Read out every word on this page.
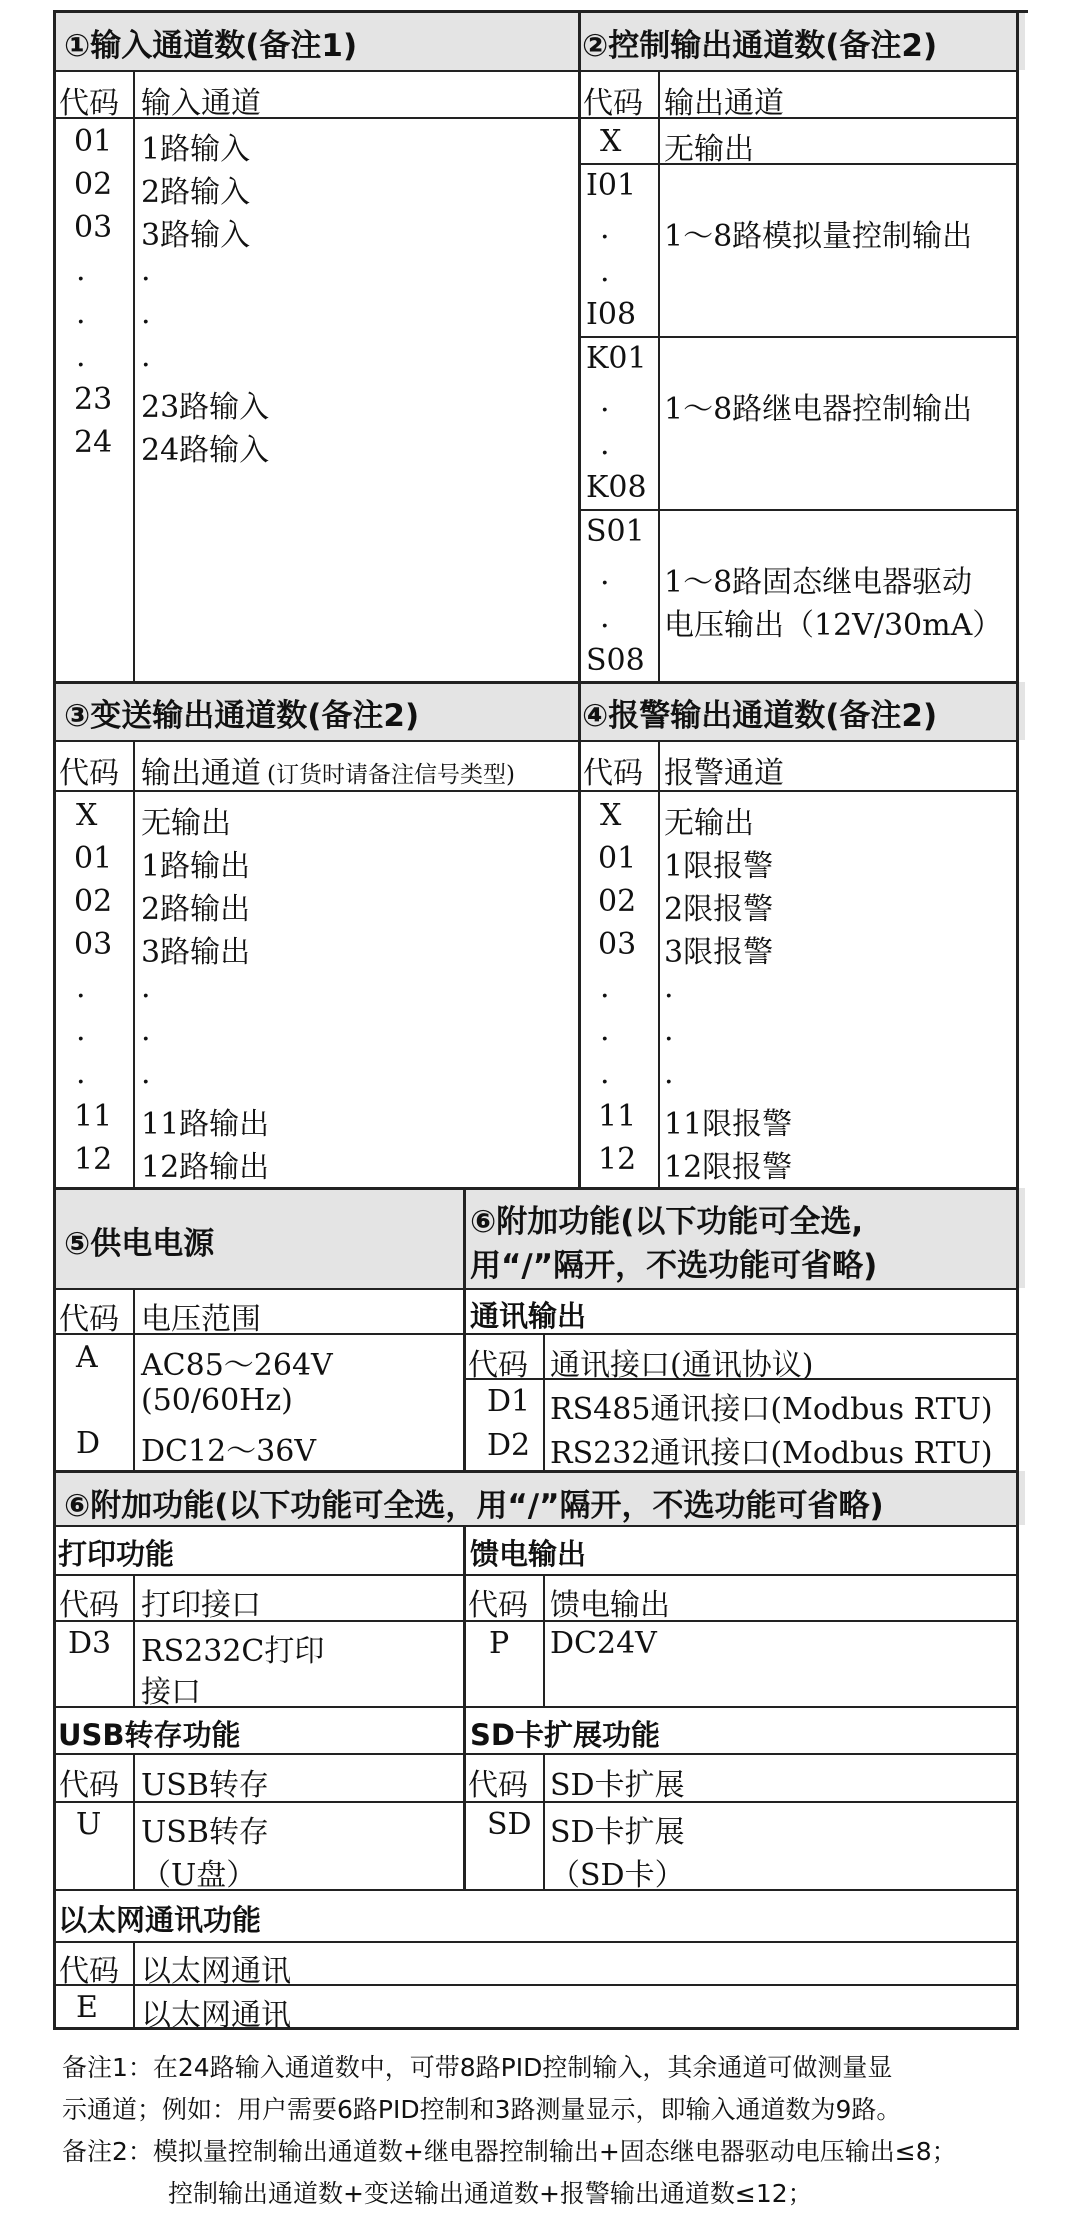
①输入通道数(备注1)
代码 输入通道
01 1路输入
02 2路输入
03 3路输入
. .
. .
. .
23 23路输入
24 24路输入
②控制输出通道数(备注2)
代码 输出通道
X 无输出
I01
.
.
I08
1～8路模拟量控制输出
K01
.
.
K08
1～8路继电器控制输出
S01
.
.
S08
1～8路固态继电器驱动
电压输出（12V/30mA）
③变送输出通道数(备注2)
代码 输出通道 (订货时请备注信号类型)
X 无输出
01 1路输出
02 2路输出
03 3路输出
. .
. .
. .
11 11路输出
12 12路输出
④报警输出通道数(备注2)
代码 报警通道
X 无输出
01 1限报警
02 2限报警
03 3限报警
. .
. .
. .
11 11限报警
12 12限报警
⑤供电电源
代码 电压范围
A AC85～264V
(50/60Hz)
D DC12～36V
⑥附加功能(以下功能可全选,
用“/”隔开，不选功能可省略)
通讯输出
代码 通讯接口(通讯协议)
D1 RS485通讯接口(Modbus RTU)
D2 RS232通讯接口(Modbus RTU)
⑥附加功能(以下功能可全选，用“/”隔开，不选功能可省略)
打印功能
代码 打印接口
D3 RS232C打印
接口
馈电输出
代码 馈电输出
P DC24V
USB转存功能
代码 USB转存
U USB转存
（U盘）
SD卡扩展功能
代码 SD卡扩展
SD SD卡扩展
（SD卡）
以太网通讯功能
代码 以太网通讯
E 以太网通讯
备注1：在24路输入通道数中，可带8路PID控制输入，其余通道可做测量显
示通道；例如：用户需要6路PID控制和3路测量显示，即输入通道数为9路。
备注2：模拟量控制输出通道数+继电器控制输出+固态继电器驱动电压输出≤8；
控制输出通道数+变送输出通道数+报警输出通道数≤12；
